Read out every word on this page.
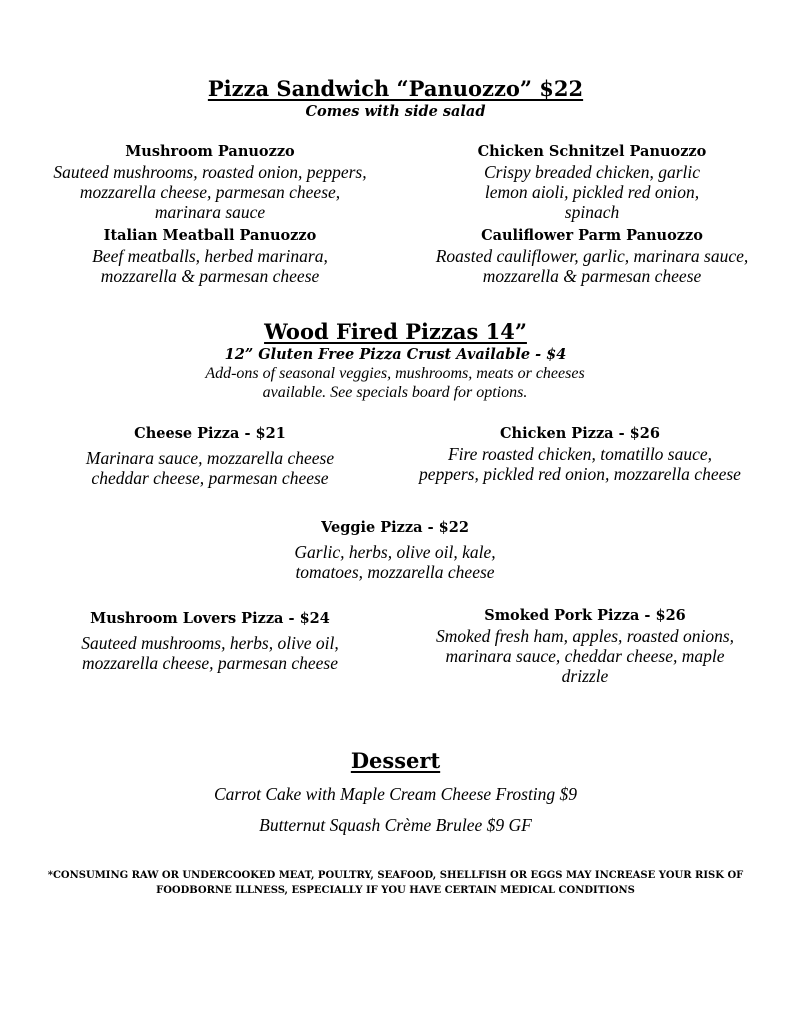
Pizza Sandwich “Panuozzo” $22
Comes with side salad
Mushroom Panuozzo
Sauteed mushrooms, roasted onion, peppers, mozzarella cheese, parmesan cheese, marinara sauce
Chicken Schnitzel Panuozzo
Crispy breaded chicken, garlic lemon aioli, pickled red onion, spinach
Italian Meatball Panuozzo
Beef meatballs, herbed marinara, mozzarella & parmesan cheese
Cauliflower Parm Panuozzo
Roasted cauliflower, garlic, marinara sauce, mozzarella & parmesan cheese
Wood Fired Pizzas 14”
12” Gluten Free Pizza Crust Available - $4
Add-ons of seasonal veggies, mushrooms, meats or cheeses available. See specials board for options.
Cheese Pizza - $21
Marinara sauce, mozzarella cheese cheddar cheese, parmesan cheese
Chicken Pizza - $26
Fire roasted chicken, tomatillo sauce, peppers, pickled red onion, mozzarella cheese
Veggie Pizza - $22
Garlic, herbs, olive oil, kale, tomatoes, mozzarella cheese
Mushroom Lovers Pizza - $24
Sauteed mushrooms, herbs, olive oil, mozzarella cheese, parmesan cheese
Smoked Pork Pizza - $26
Smoked fresh ham, apples, roasted onions, marinara sauce, cheddar cheese, maple drizzle
Dessert
Carrot Cake with Maple Cream Cheese Frosting $9
Butternut Squash Crème Brulee $9 GF
*CONSUMING RAW OR UNDERCOOKED MEAT, POULTRY, SEAFOOD, SHELLFISH OR EGGS MAY INCREASE YOUR RISK OF FOODBORNE ILLNESS, ESPECIALLY IF YOU HAVE CERTAIN MEDICAL CONDITIONS
